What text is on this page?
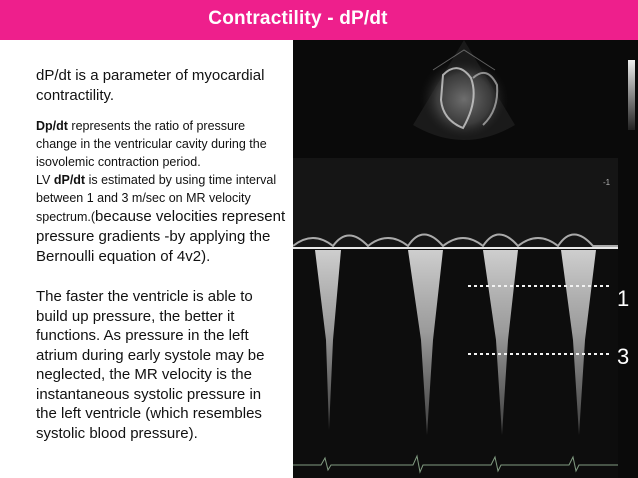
Contractility - dP/dt

dP/dt is a parameter of myocardial contractility.

Dp/dt represents the ratio of pressure change in the ventricular cavity during the isovolemic contraction period.
LV dP/dt is estimated by using time interval between 1 and 3 m/sec on MR velocity spectrum.(because velocities represent pressure gradients -by applying the Bernoulli equation of 4v2).

The faster the ventricle is able to build up pressure, the better it functions. As pressure in the left atrium during early systole may be neglected, the MR velocity is the instantaneous systolic pressure in the left ventricle (which resembles systolic blood pressure).

-1
1
3
